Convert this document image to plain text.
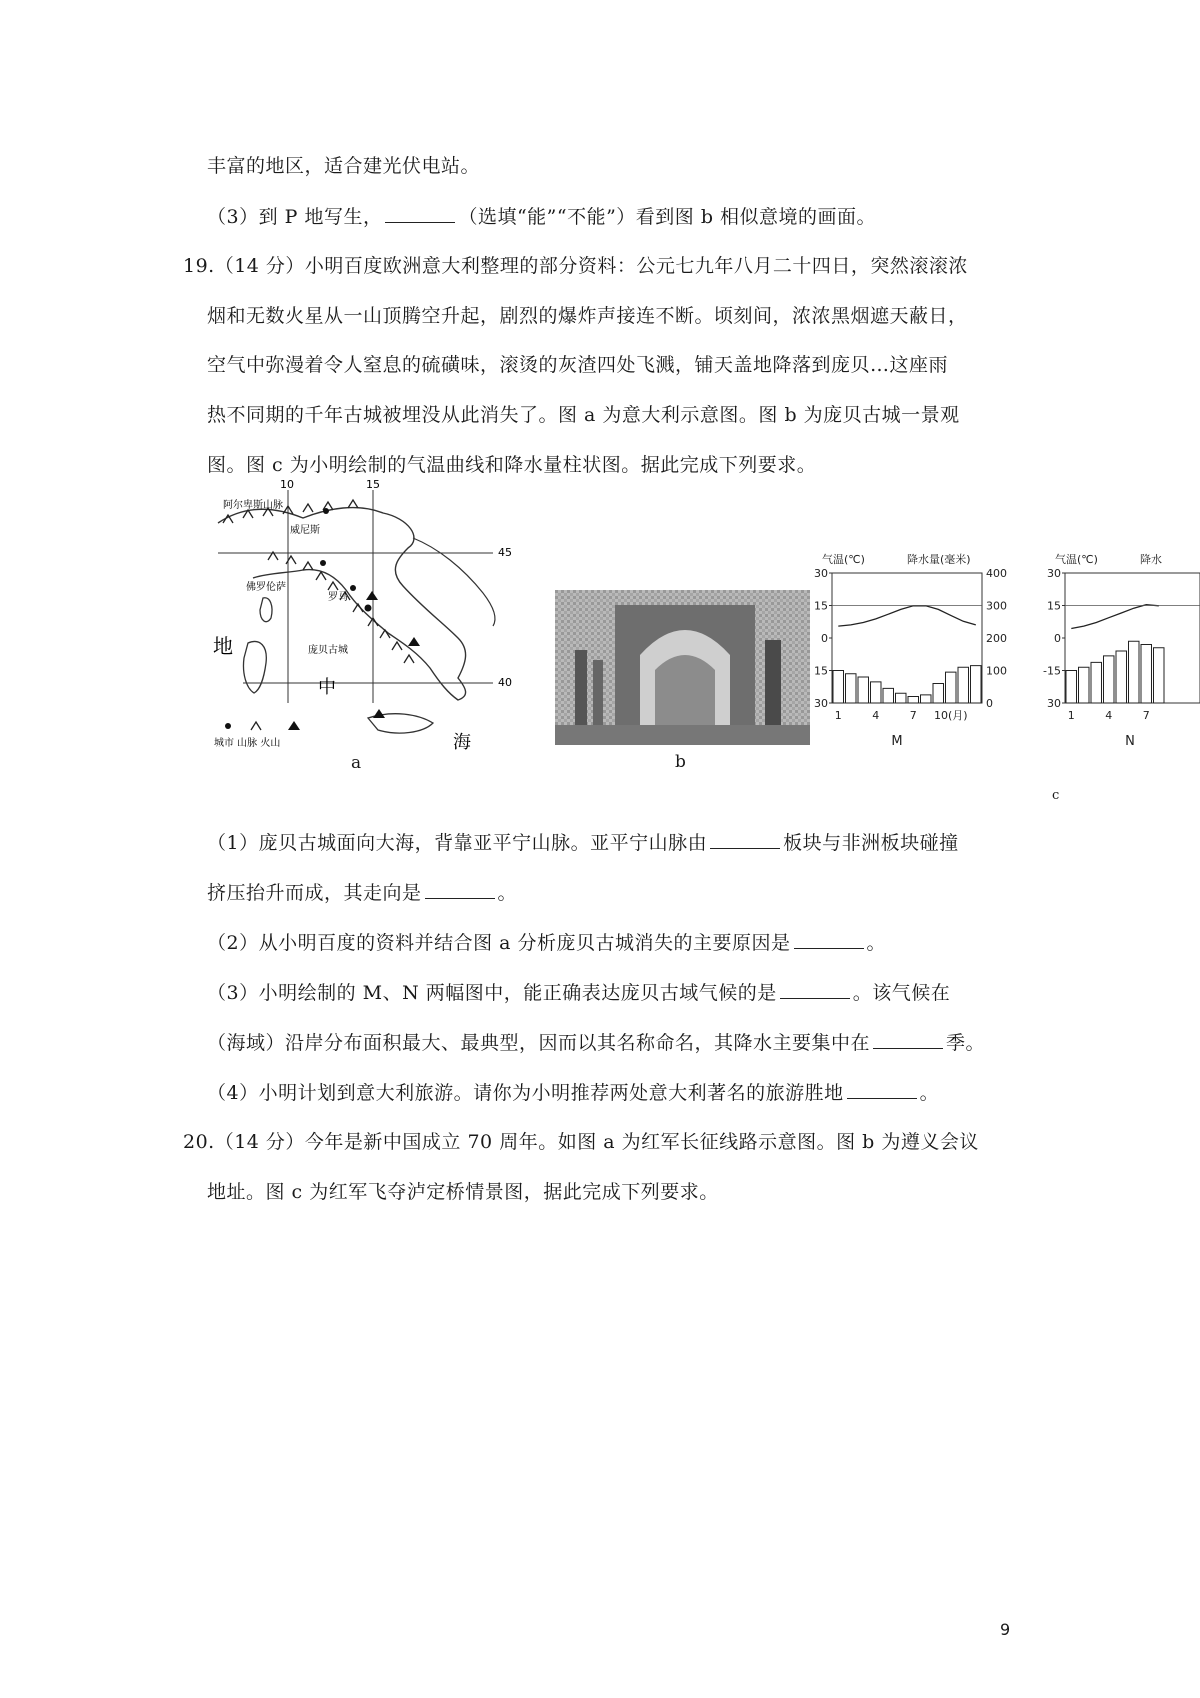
丰富的地区，适合建光伏电站。
（3）到 P 地写生，	（选填“能”“不能”）看到图 b 相似意境的画面。
19.（14 分）小明百度欧洲意大利整理的部分资料：公元七九年八月二十四日，突然滚滚浓
烟和无数火星从一山顶腾空升起，剧烈的爆炸声接连不断。顷刻间，浓浓黑烟遮天蔽日，
空气中弥漫着令人窒息的硫磺味，滚烫的灰渣四处飞溅，铺天盖地降落到庞贝…这座雨
热不同期的千年古城被埋没从此消失了。图 a 为意大利示意图。图 b 为庞贝古城一景观
图。图 c 为小明绘制的气温曲线和降水量柱状图。据此完成下列要求。
10	15
45
40
阿尔卑斯山脉
威尼斯
佛罗伦萨
罗马
庞贝古城
地
中
海
城市 山脉 火山
a	b
气温(℃)	降水量(毫米)
30
15
0
15
30
400
300
200
100
0
1	4	7 10(月)
M
气温(℃)	降水
30
15
0
-15
30
1	4	7
N
c
（1）庞贝古城面向大海，背靠亚平宁山脉。亚平宁山脉由	板块与非洲板块碰撞
挤压抬升而成，其走向是	。
（2）从小明百度的资料并结合图 a 分析庞贝古城消失的主要原因是	。
（3）小明绘制的 M、N 两幅图中，能正确表达庞贝古域气候的是	。该气候在
（海域）沿岸分布面积最大、最典型，因而以其名称命名，其降水主要集中在	季。
（4）小明计划到意大利旅游。请你为小明推荐两处意大利著名的旅游胜地	。
20.（14 分）今年是新中国成立 70 周年。如图 a 为红军长征线路示意图。图 b 为遵义会议
地址。图 c 为红军飞夺泸定桥情景图，据此完成下列要求。
9
